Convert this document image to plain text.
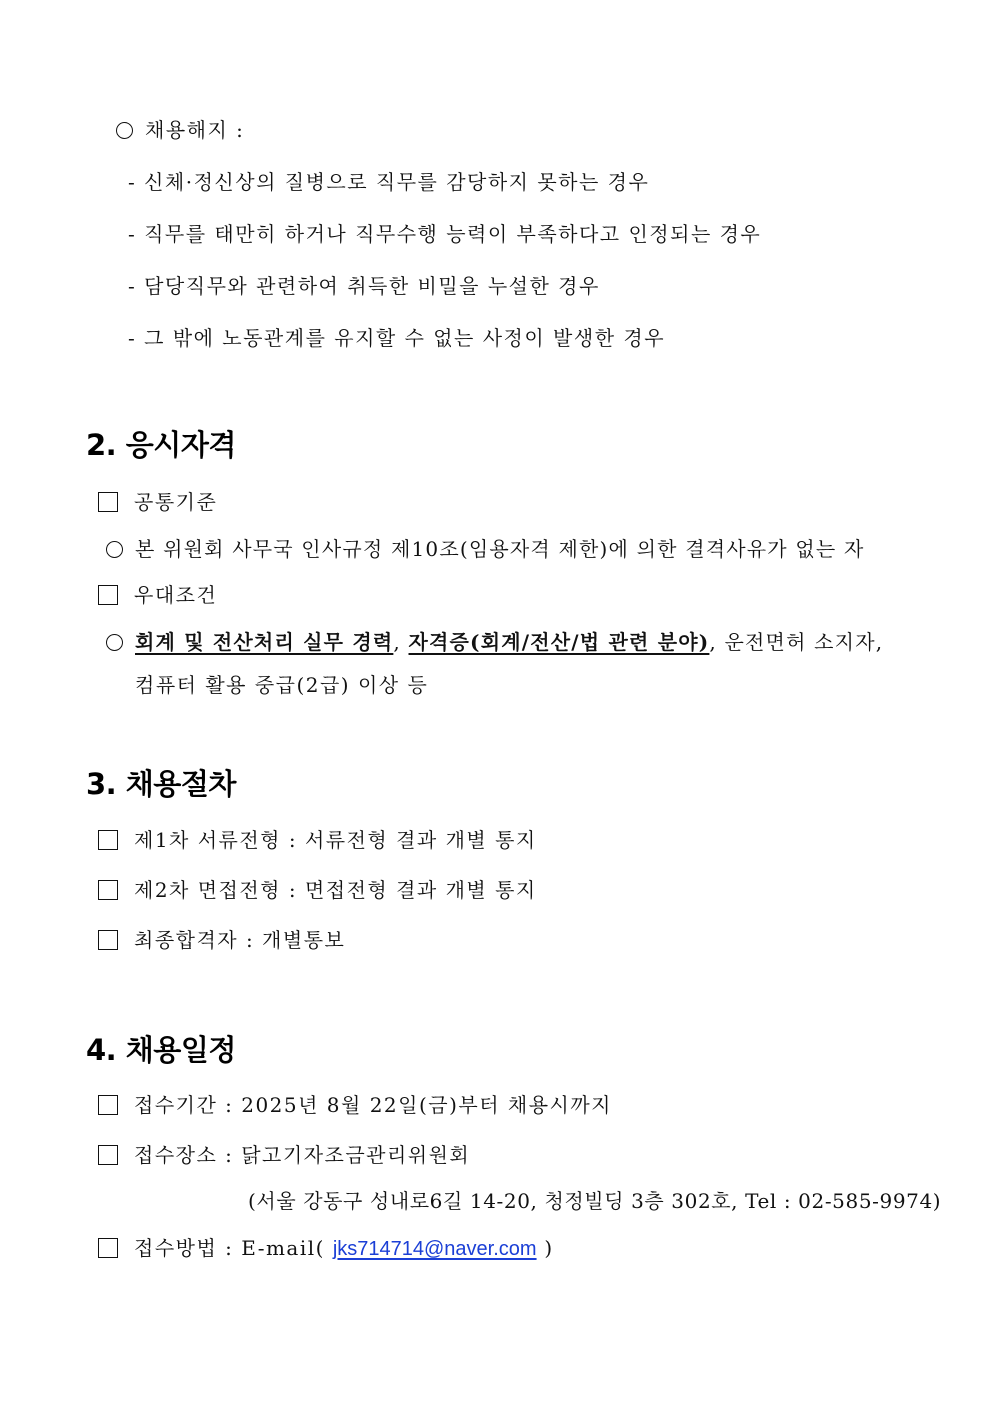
채용해지 :
- 신체·정신상의 질병으로 직무를 감당하지 못하는 경우
- 직무를 태만히 하거나 직무수행 능력이 부족하다고 인정되는 경우
- 담당직무와 관련하여 취득한 비밀을 누설한 경우
- 그 밖에 노동관계를 유지할 수 없는 사정이 발생한 경우
2. 응시자격
공통기준
본 위원회 사무국 인사규정 제10조(임용자격 제한)에 의한 결격사유가 없는 자
우대조건
회계 및 전산처리 실무 경력, 자격증(회계/전산/법 관련 분야), 운전면허 소지자,
컴퓨터 활용 중급(2급) 이상 등
3. 채용절차
제1차 서류전형 : 서류전형 결과 개별 통지
제2차 면접전형 : 면접전형 결과 개별 통지
최종합격자 : 개별통보
4. 채용일정
접수기간 : 2025년 8월 22일(금)부터 채용시까지
접수장소 : 닭고기자조금관리위원회
(서울 강동구 성내로6길 14-20, 청정빌딩 3층 302호, Tel : 02-585-9974)
접수방법 : E-mail( jks714714@naver.com )
